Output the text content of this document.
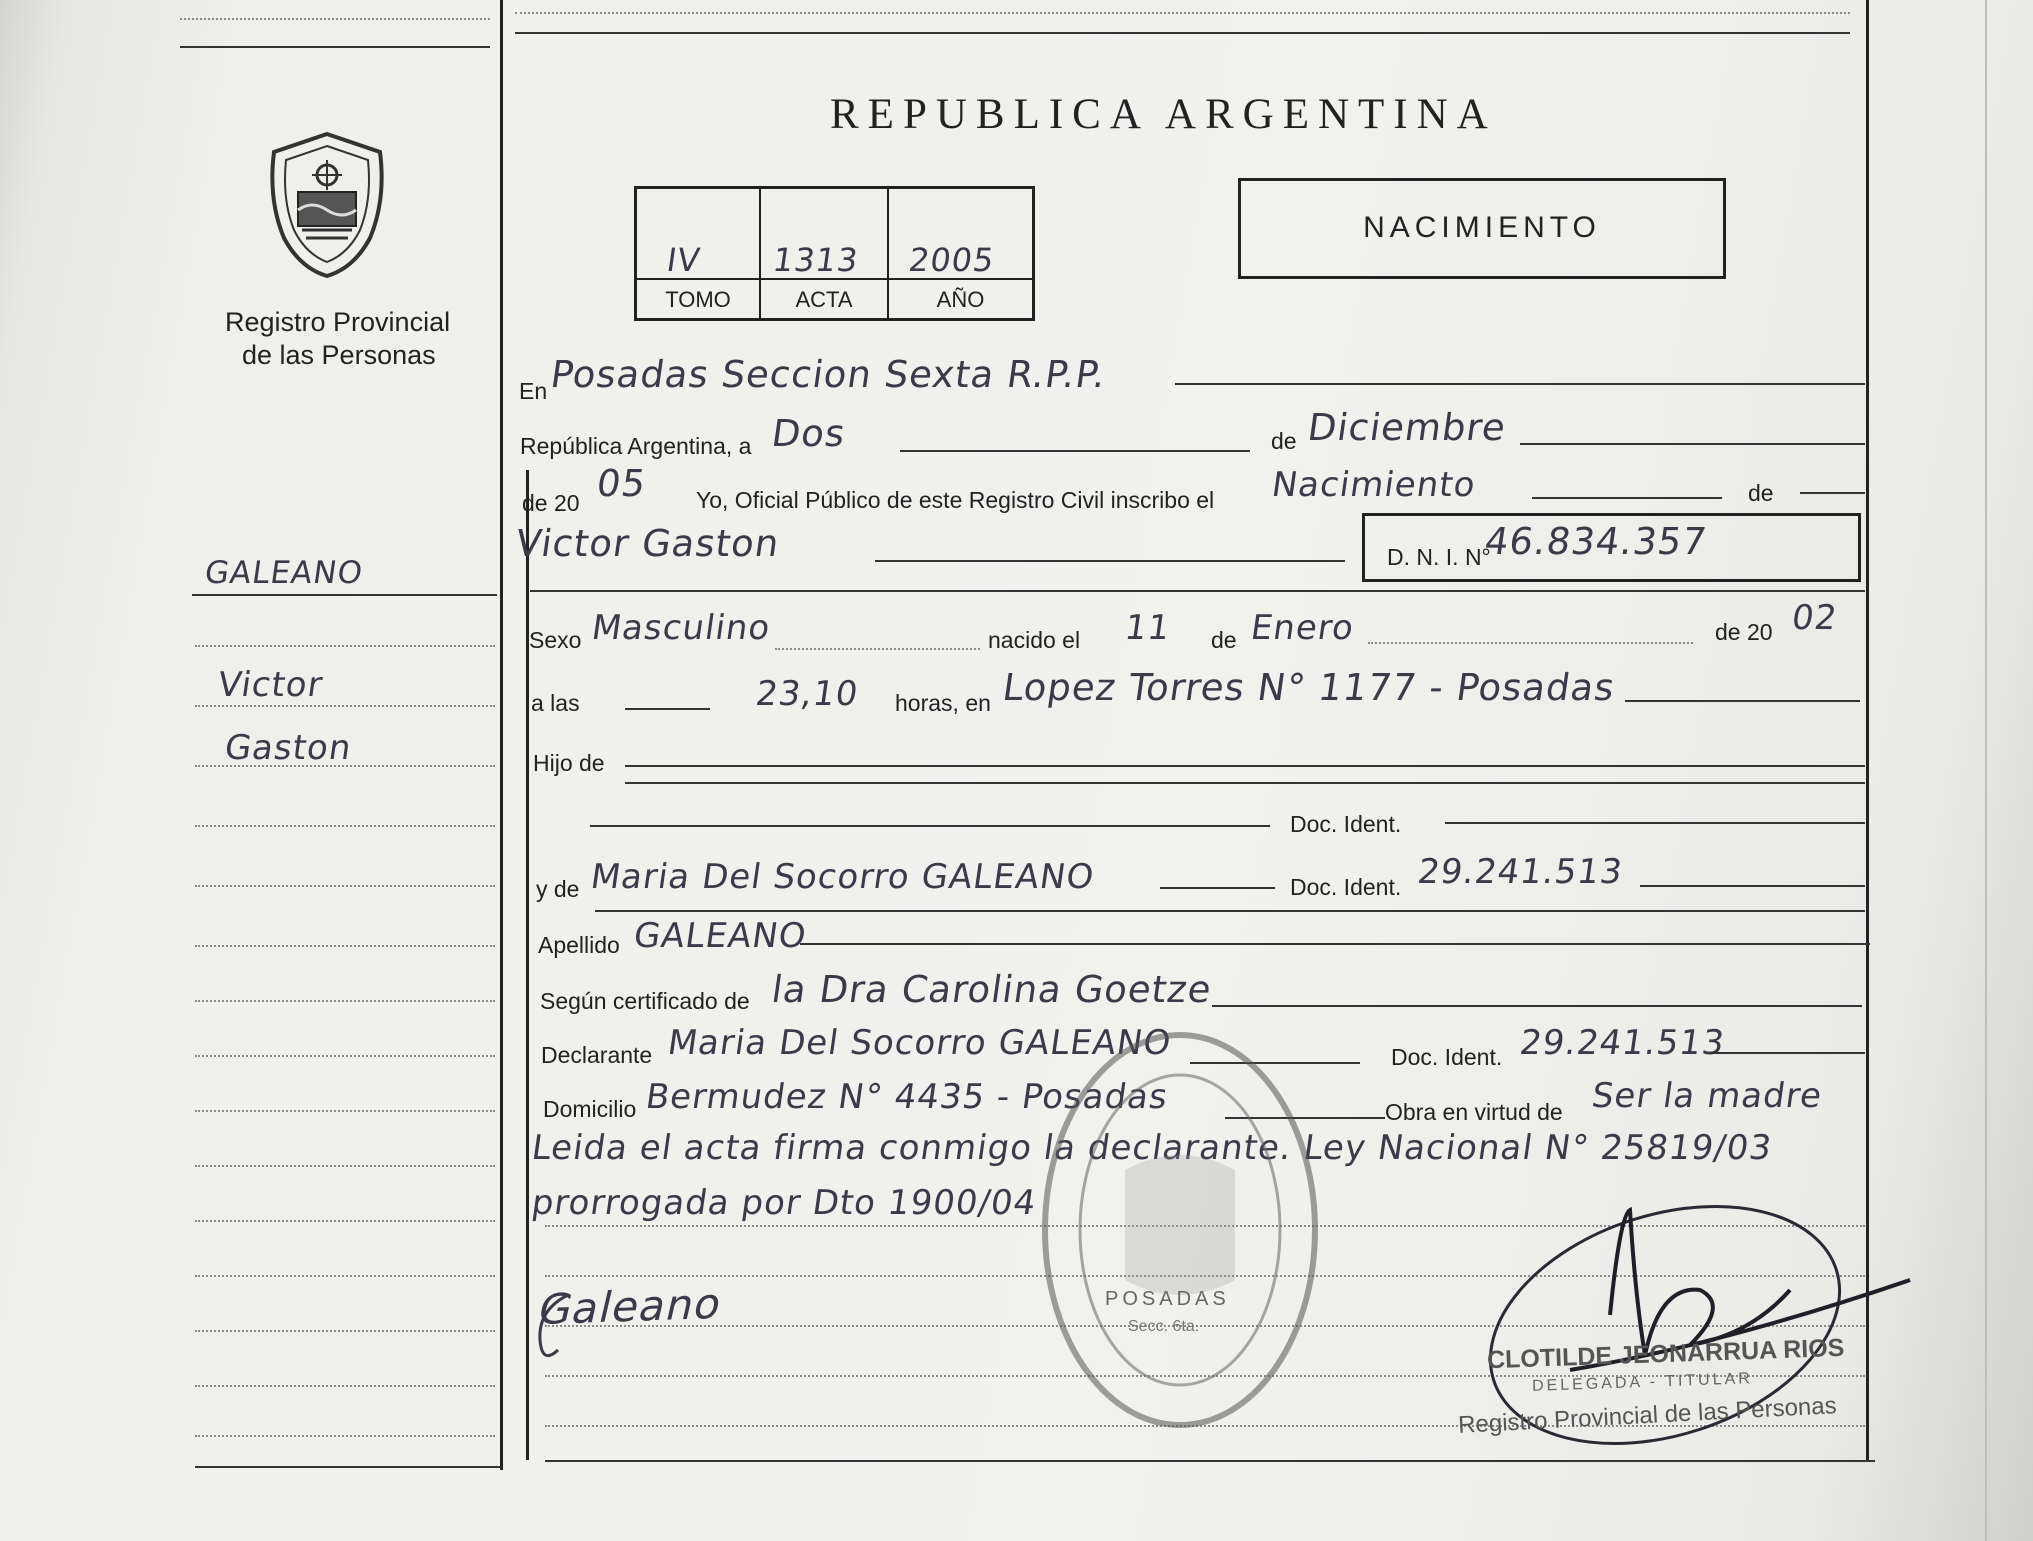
Registro Provincial
de las Personas
GALEANO
Victor
Gaston
REPUBLICA ARGENTINA
NACIMIENTO
IV 1313 2005
TOMO	ACTA	AÑO
En Posadas Seccion Sexta R.P.P.
República Argentina, a Dos	de Diciembre
de 20 05 Yo, Oficial Público de este Registro Civil inscribo el Nacimiento	de
Victor Gaston	D. N. I. N°
46.834.357
Sexo Masculino	nacido el 11 de Enero	de 20 02
a las	23,10 horas, en Lopez Torres N° 1177 - Posadas
Hijo de
Doc. Ident.
y de Maria Del Socorro GALEANO	Doc. Ident. 29.241.513
Apellido GALEANO
Según certificado de la Dra Carolina Goetze
Declarante Maria Del Socorro GALEANO	Doc. Ident. 29.241.513
Domicilio Bermudez N° 4435 - Posadas	Obra en virtud de Ser la madre
Leida el acta firma conmigo la declarante. Ley Nacional N° 25819/03
prorrogada por Dto 1900/04
POSADAS
Secc. 6ta.
Galeano
CLOTILDE JEONARRUA RIOS
DELEGADA - TITULAR
Registro Provincial de las Personas
